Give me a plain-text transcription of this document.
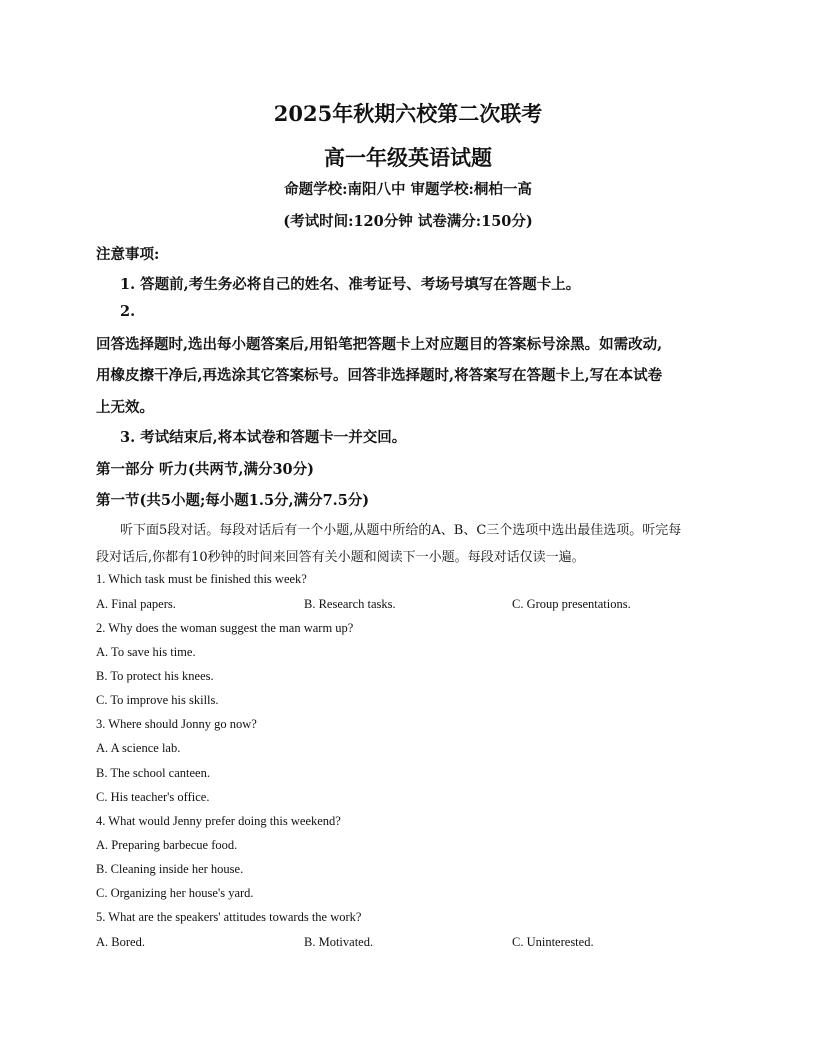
2025年秋期六校第二次联考
高一年级英语试题
命题学校:南阳八中 审题学校:桐柏一高
(考试时间:120分钟 试卷满分:150分)
注意事项:
1. 答题前,考生务必将自己的姓名、准考证号、考场号填写在答题卡上。
2.
回答选择题时,选出每小题答案后,用铅笔把答题卡上对应题目的答案标号涂黑。如需改动,
用橡皮擦干净后,再选涂其它答案标号。回答非选择题时,将答案写在答题卡上,写在本试卷
上无效。
3. 考试结束后,将本试卷和答题卡一并交回。
第一部分 听力(共两节,满分30分)
第一节(共5小题;每小题1.5分,满分7.5分)
听下面5段对话。每段对话后有一个小题,从题中所给的A、B、C三个选项中选出最佳选项。听完每
段对话后,你都有10秒钟的时间来回答有关小题和阅读下一小题。每段对话仅读一遍。
1. Which task must be finished this week?
A. Final papers.	B. Research tasks.	C. Group presentations.
2. Why does the woman suggest the man warm up?
A. To save his time.
B. To protect his knees.
C. To improve his skills.
3. Where should Jonny go now?
A. A science lab.
B. The school canteen.
C. His teacher's office.
4. What would Jenny prefer doing this weekend?
A. Preparing barbecue food.
B. Cleaning inside her house.
C. Organizing her house's yard.
5. What are the speakers' attitudes towards the work?
A. Bored.	B. Motivated.	C. Uninterested.
